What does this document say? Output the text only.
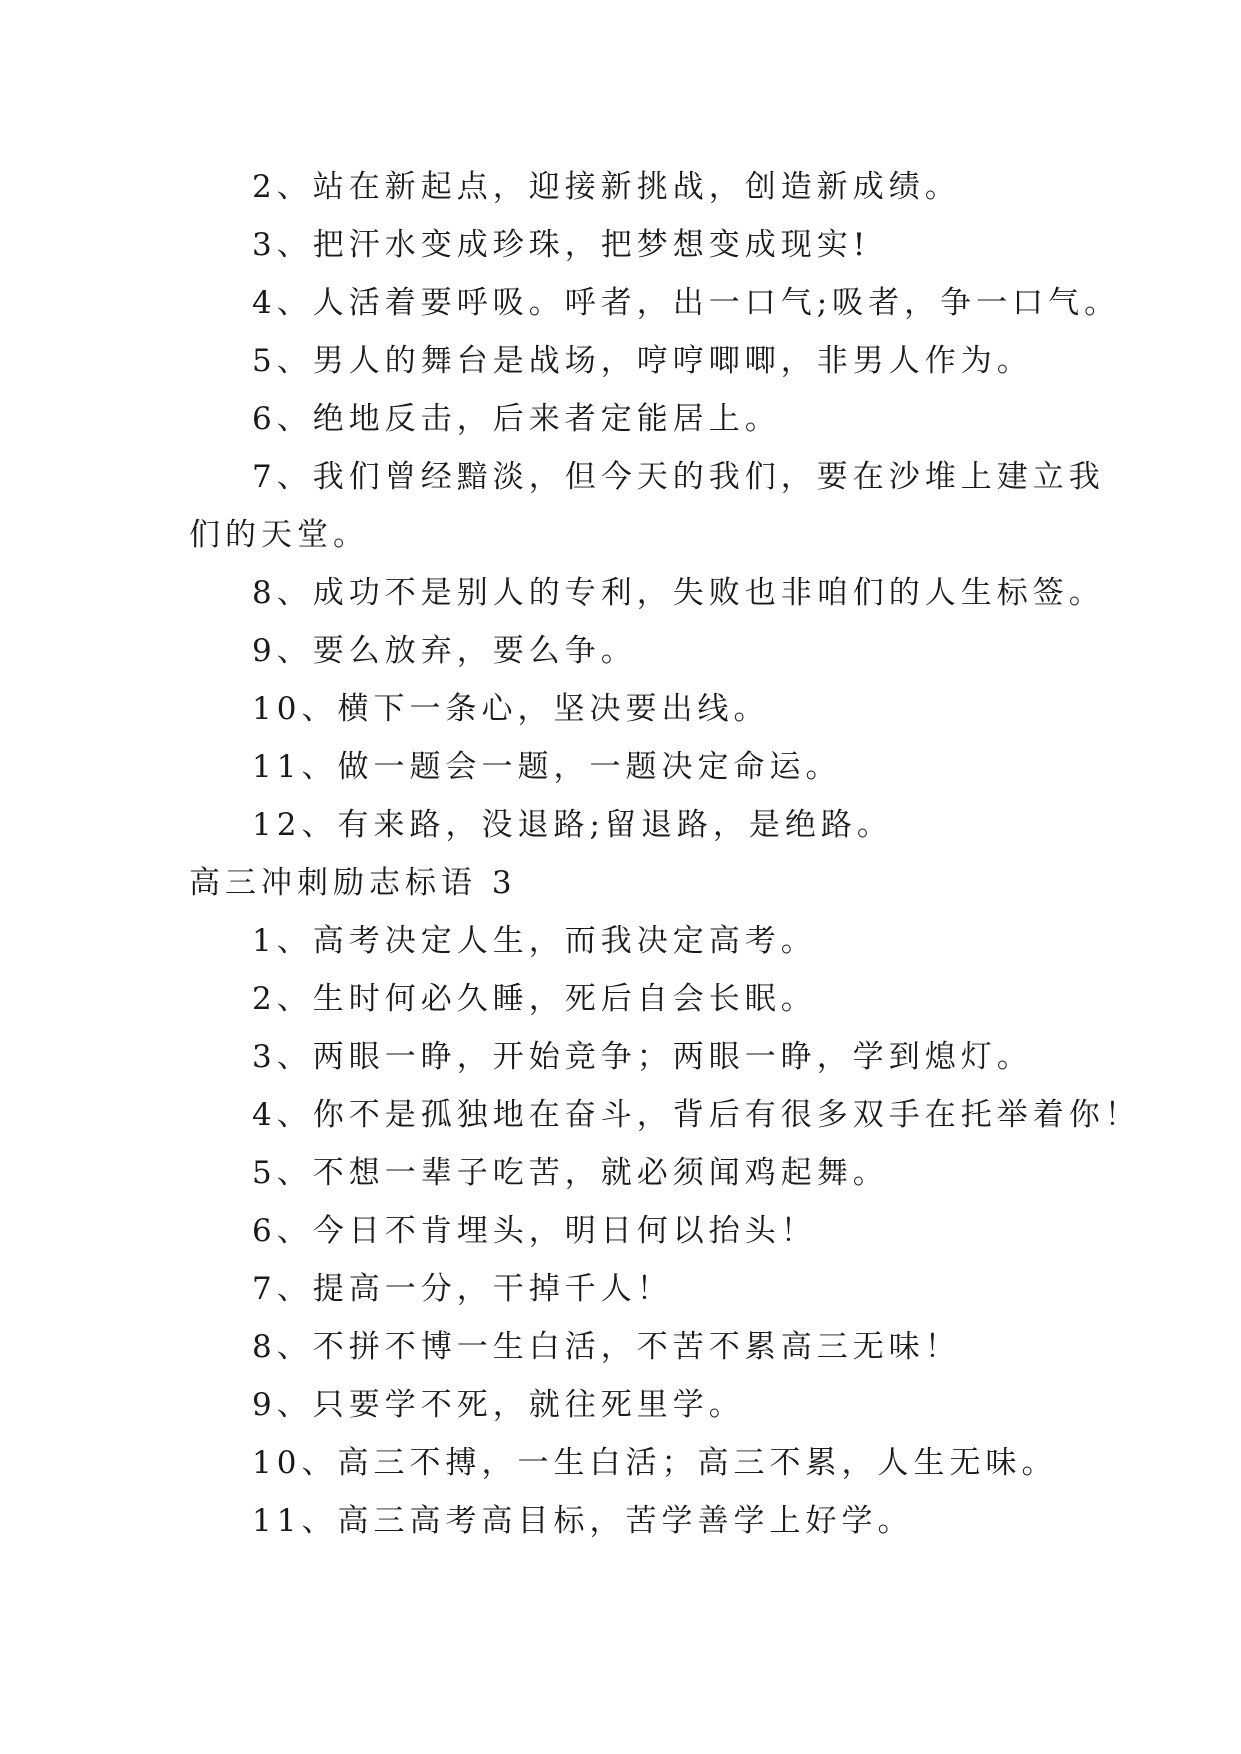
2、站在新起点，迎接新挑战，创造新成绩。
3、把汗水变成珍珠，把梦想变成现实!
4、人活着要呼吸。呼者，出一口气;吸者，争一口气。
5、男人的舞台是战场，哼哼唧唧，非男人作为。
6、绝地反击，后来者定能居上。
7、我们曾经黯淡，但今天的我们，要在沙堆上建立我
们的天堂。
8、成功不是别人的专利，失败也非咱们的人生标签。
9、要么放弃，要么争。
10、横下一条心，坚决要出线。
11、做一题会一题，一题决定命运。
12、有来路，没退路;留退路，是绝路。
高三冲刺励志标语 3
1、高考决定人生，而我决定高考。
2、生时何必久睡，死后自会长眠。
3、两眼一睁，开始竞争；两眼一睁，学到熄灯。
4、你不是孤独地在奋斗，背后有很多双手在托举着你！
5、不想一辈子吃苦，就必须闻鸡起舞。
6、今日不肯埋头，明日何以抬头！
7、提高一分，干掉千人！
8、不拼不博一生白活，不苦不累高三无味！
9、只要学不死，就往死里学。
10、高三不搏，一生白活；高三不累，人生无味。
11、高三高考高目标，苦学善学上好学。
